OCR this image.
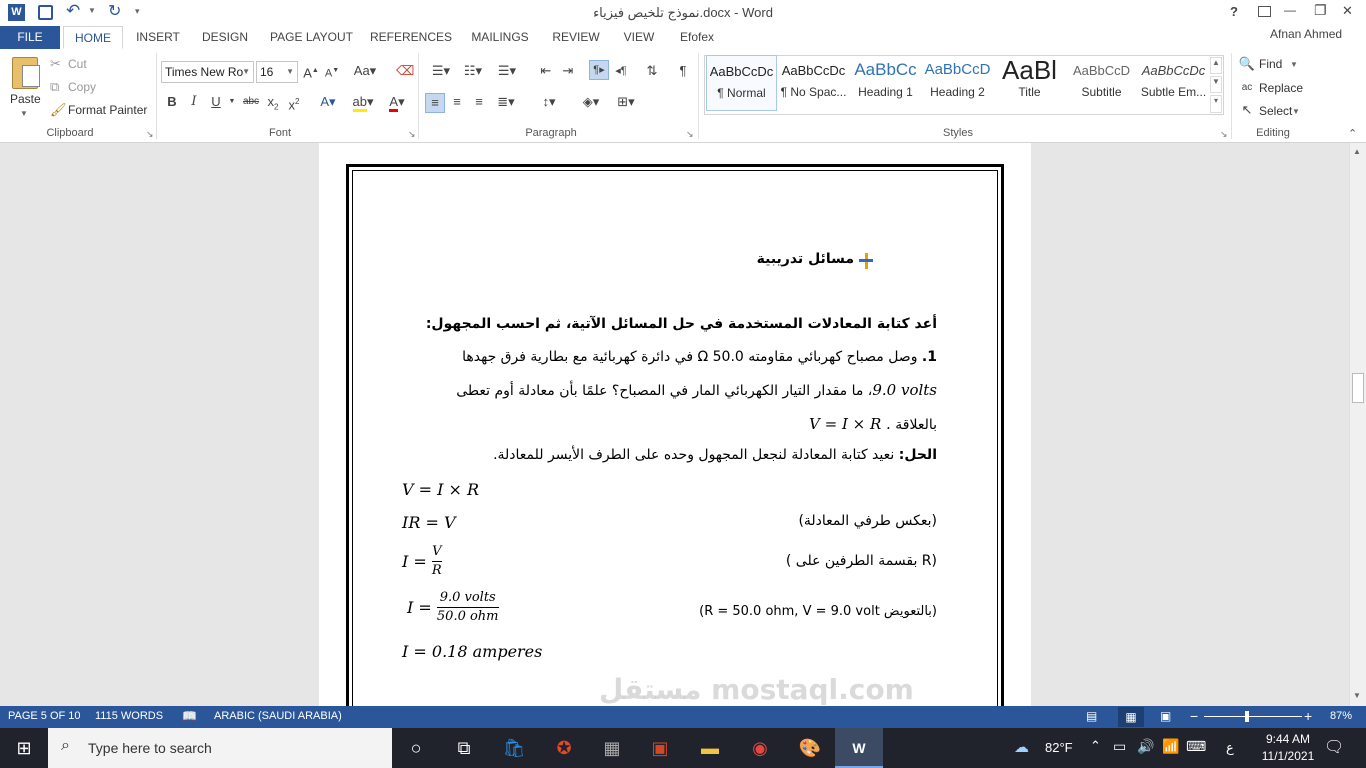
W	↶ ▼ ↻ ▾	نموذج تلخيص فيزياء.docx - Word	?	— ❐ ✕
FILE	HOME	INSERT	DESIGN	PAGE LAYOUT REFERENCES	MAILINGS	REVIEW	VIEW	Efofex	Afnan Ahmed
Paste
▼
✂ Cut
⧉ Copy
🖌 Format Painter
Clipboard	↘
Times New Ro
▼ 16 ▼ A▲ A▼ Aa▾ ⌫
B	I	U	▼ abc $x_2$ $x^2$	A▾	ab▾	A▾
Font	↘
☰▾	☷▾	☰▾	⇤ ⇥	¶▸ ◂¶ ⇅	¶
≡	≡	≡	≣▾	↕▾	◈▾	⊞▾
Paragraph	↘
AaBbCcDc
¶ Normal
AaBbCcDc
¶ No Spac...
AaBbCc
Heading 1
AaBbCcD
Heading 2
AaBl
Title
AaBbCcD
Subtitle
AaBbCcDc
Subtle Em...
▲
▼
▾
Styles	↘
🔍 Find ▼
ac Replace
↖ Select ▼
Editing	⌃
مسائل تدريبية
أعد كتابة المعادلات المستخدمة في حل المسائل الآتية، ثم احسب المجهول:
1. وصل مصباح كهربائي مقاومته Ω 50.0 في دائرة كهربائية مع بطارية فرق جهدها
9.0 volts، ما مقدار التيار الكهربائي المار في المصباح؟ علمًا بأن معادلة أوم تعطى
بالعلاقة V = I × R .
الحل: نعيد كتابة المعادلة لنجعل المجهول وحده على الطرف الأيسر للمعادلة.
V = I × R
IR = V	(بعكس طرفي المعادلة)
$I = \frac{V}{R}$	(R بقسمة الطرفين على )
$I = \frac{\text{9.0 volts}}{\text{50.0 ohm}}$	(بالتعويض R = 50.0 ohm, V = 9.0 volt)
I = 0.18 amperes
مستقل mostaql.com
▲
▼
PAGE 5 OF 10 1115 WORDS 📖 ARABIC (SAUDI ARABIA)	▤	▦	▣ −	+ 87%
⊞	⌕ Type here to search	○	⧉	🛍	✪	▦	▣	▬	◉	🎨	W	☁ 82°F ⌃ ▭ 🔊 📶 ⌨ ع
9:44 AM
11/1/2021 🗨
